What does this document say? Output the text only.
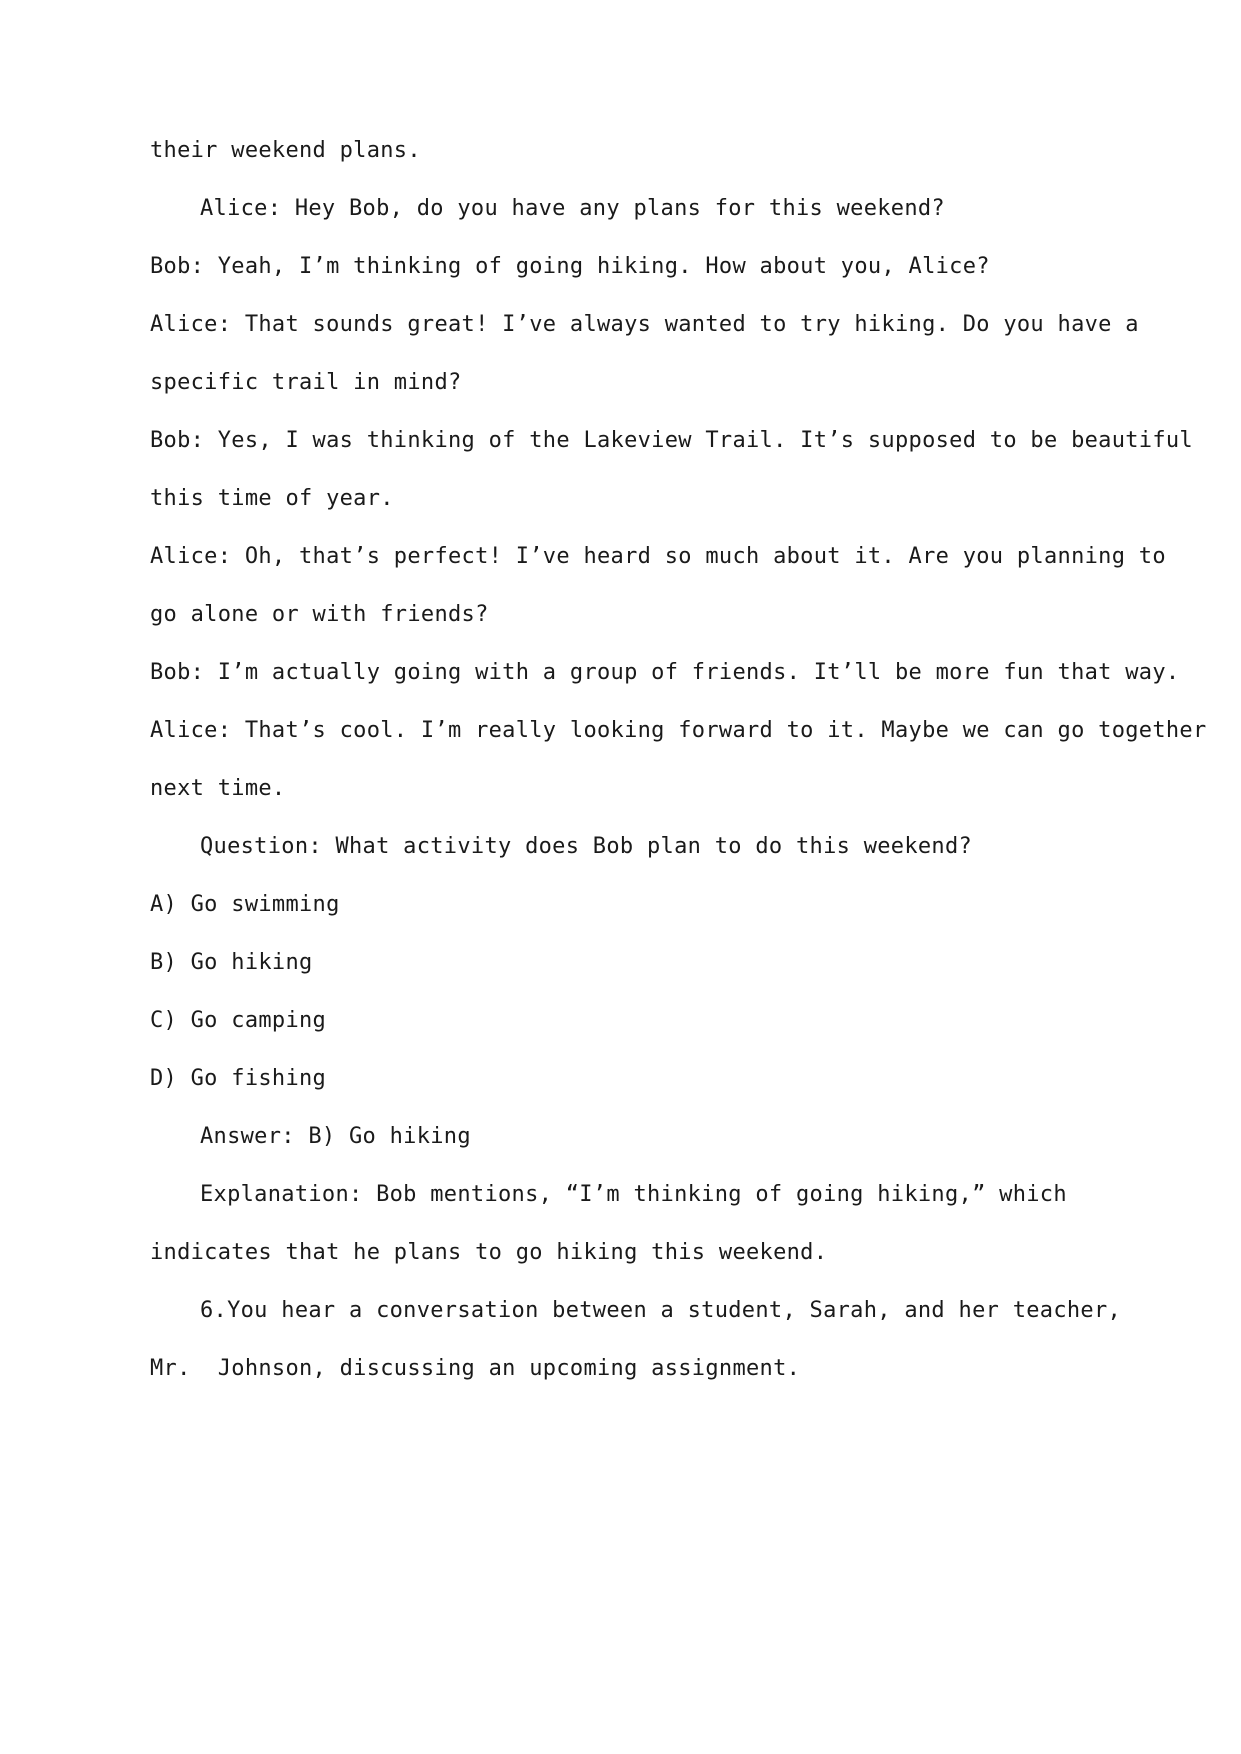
their weekend plans.
Alice: Hey Bob, do you have any plans for this weekend?
Bob: Yeah, I’m thinking of going hiking. How about you, Alice?
Alice: That sounds great! I’ve always wanted to try hiking. Do you have a
specific trail in mind?
Bob: Yes, I was thinking of the Lakeview Trail. It’s supposed to be beautiful
this time of year.
Alice: Oh, that’s perfect! I’ve heard so much about it. Are you planning to
go alone or with friends?
Bob: I’m actually going with a group of friends. It’ll be more fun that way.
Alice: That’s cool. I’m really looking forward to it. Maybe we can go together
next time.
Question: What activity does Bob plan to do this weekend?
A) Go swimming
B) Go hiking
C) Go camping
D) Go fishing
Answer: B) Go hiking
Explanation: Bob mentions, “I’m thinking of going hiking,” which
indicates that he plans to go hiking this weekend.
6.You hear a conversation between a student, Sarah, and her teacher,
Mr.  Johnson, discussing an upcoming assignment.
